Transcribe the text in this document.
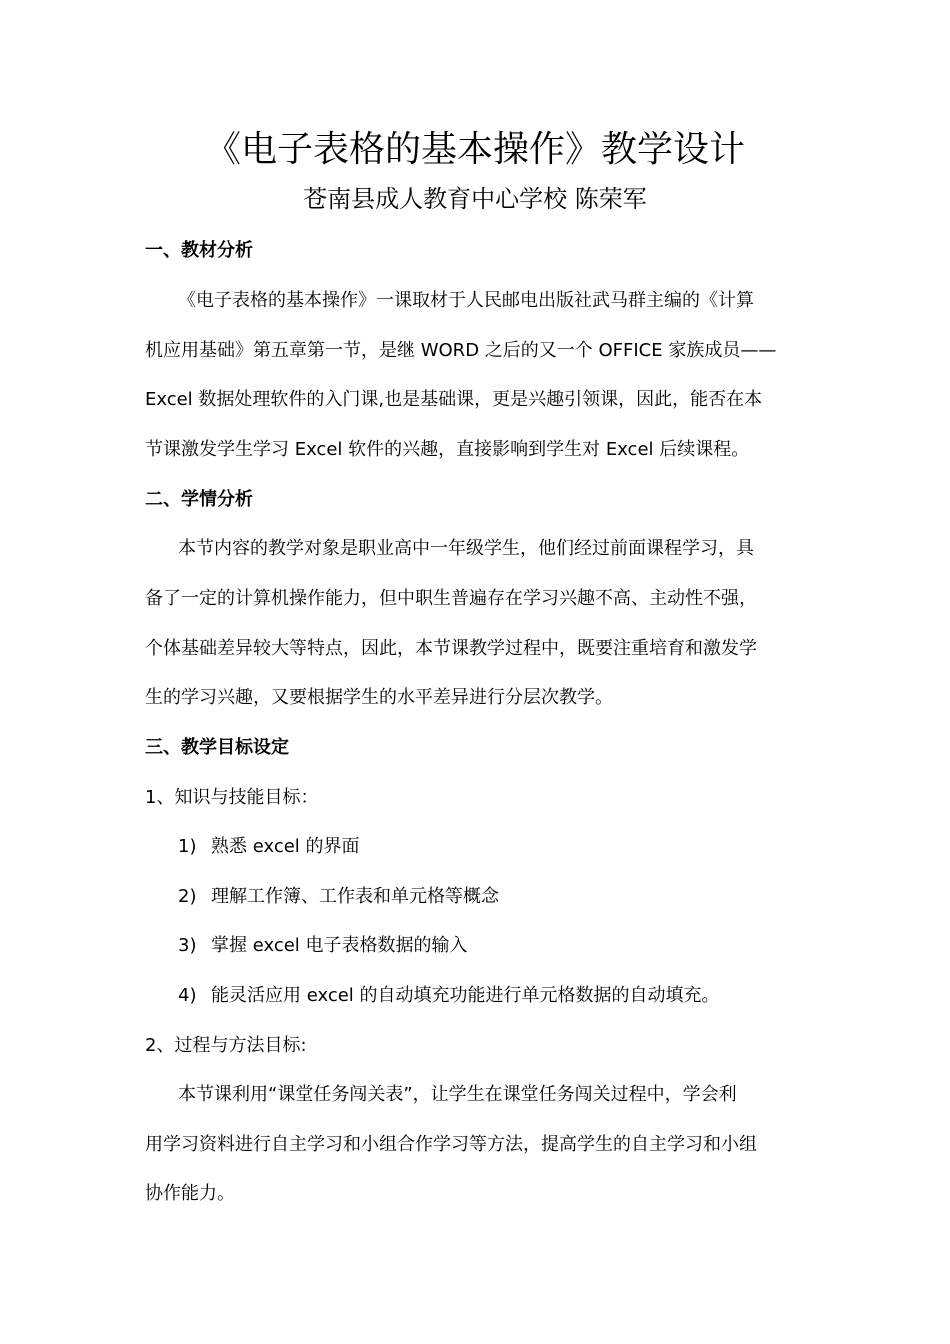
《电子表格的基本操作》教学设计
苍南县成人教育中心学校 陈荣军
一、教材分析
《电子表格的基本操作》一课取材于人民邮电出版社武马群主编的《计算
机应用基础》第五章第一节，是继 WORD 之后的又一个 OFFICE 家族成员——
Excel 数据处理软件的入门课,也是基础课，更是兴趣引领课，因此，能否在本
节课激发学生学习 Excel 软件的兴趣，直接影响到学生对 Excel 后续课程。
二、学情分析
本节内容的教学对象是职业高中一年级学生，他们经过前面课程学习，具
备了一定的计算机操作能力，但中职生普遍存在学习兴趣不高、主动性不强，
个体基础差异较大等特点，因此，本节课教学过程中，既要注重培育和激发学
生的学习兴趣，又要根据学生的水平差异进行分层次教学。
三、教学目标设定
1、知识与技能目标：
1) 熟悉 excel 的界面
2) 理解工作簿、工作表和单元格等概念
3) 掌握 excel 电子表格数据的输入
4) 能灵活应用 excel 的自动填充功能进行单元格数据的自动填充。
2、过程与方法目标:
本节课利用“课堂任务闯关表”，让学生在课堂任务闯关过程中，学会利
用学习资料进行自主学习和小组合作学习等方法，提高学生的自主学习和小组
协作能力。
